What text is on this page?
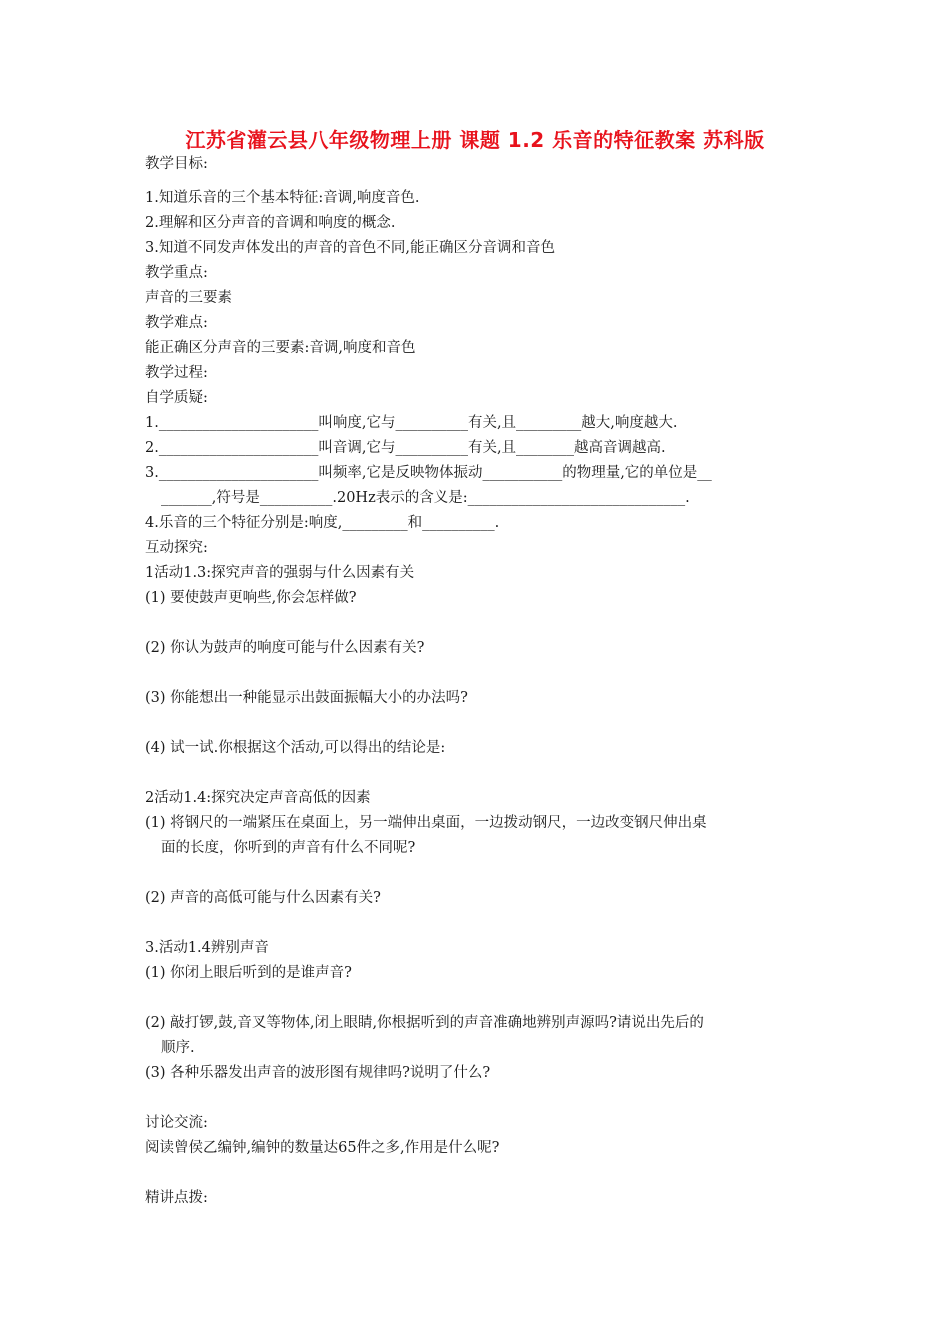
江苏省灌云县八年级物理上册 课题 1.2 乐音的特征教案 苏科版
教学目标:
1.知道乐音的三个基本特征:音调,响度音色.
2.理解和区分声音的音调和响度的概念.
3.知道不同发声体发出的声音的音色不同,能正确区分音调和音色
教学重点:
声音的三要素
教学难点:
能正确区分声音的三要素:音调,响度和音色
教学过程:
自学质疑:
1.______________________叫响度,它与__________有关,且_________越大,响度越大.
2.______________________叫音调,它与__________有关,且________越高音调越高.
3.______________________叫频率,它是反映物体振动___________的物理量,它的单位是__
_______,符号是__________.20Hz表示的含义是:______________________________.
4.乐音的三个特征分别是:响度,_________和__________.
互动探究:
1活动1.3:探究声音的强弱与什么因素有关
(1) 要使鼓声更响些,你会怎样做?
(2) 你认为鼓声的响度可能与什么因素有关?
(3) 你能想出一种能显示出鼓面振幅大小的办法吗?
(4) 试一试.你根据这个活动,可以得出的结论是:
2活动1.4:探究决定声音高低的因素
(1) 将钢尺的一端紧压在桌面上，另一端伸出桌面，一边拨动钢尺，一边改变钢尺伸出桌
面的长度，你听到的声音有什么不同呢?
(2) 声音的高低可能与什么因素有关?
3.活动1.4辨别声音
(1) 你闭上眼后听到的是谁声音?
(2) 敲打锣,鼓,音叉等物体,闭上眼睛,你根据听到的声音准确地辨别声源吗?请说出先后的
顺序.
(3) 各种乐器发出声音的波形图有规律吗?说明了什么?
讨论交流:
阅读曾侯乙编钟,编钟的数量达65件之多,作用是什么呢?
精讲点拨:
